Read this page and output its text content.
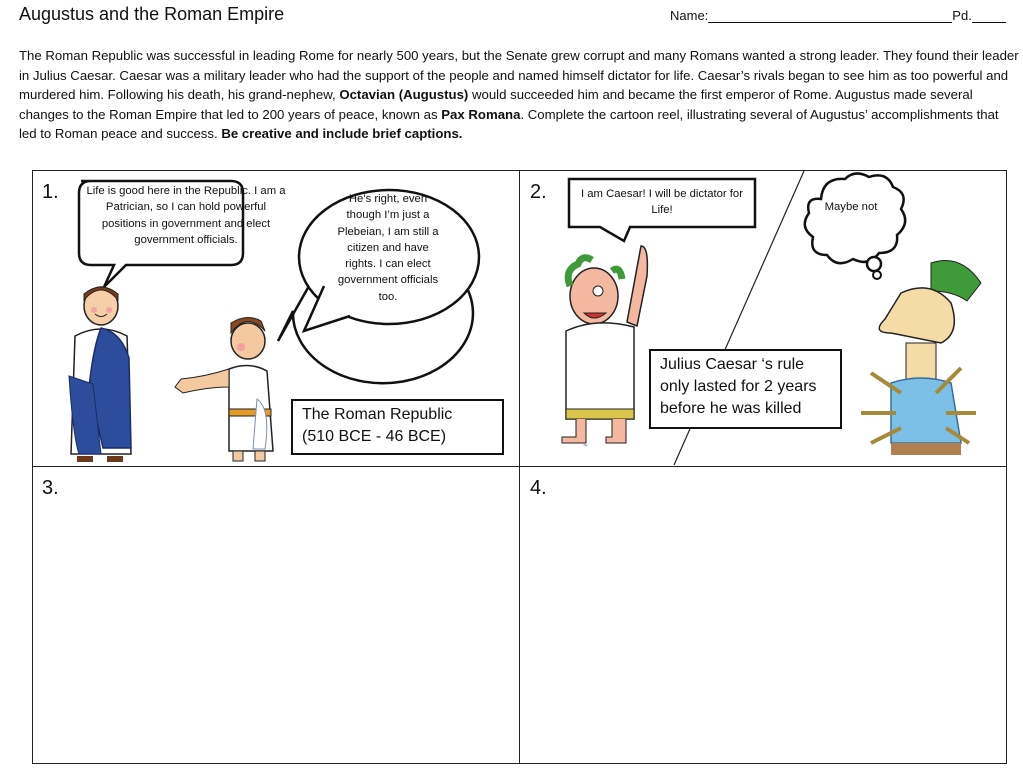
Augustus and the Roman Empire	Name:	Pd.
The Roman Republic was successful in leading Rome for nearly 500 years, but the Senate grew corrupt and many Romans wanted a strong leader. They found their leader in Julius Caesar. Caesar was a military leader who had the support of the people and named himself dictator for life. Caesar’s rivals began to see him as too powerful and murdered him. Following his death, his grand-nephew, Octavian (Augustus) would succeeded him and became the first emperor of Rome. Augustus made several changes to the Roman Empire that led to 200 years of peace, known as Pax Romana. Complete the cartoon reel, illustrating several of Augustus’ accomplishments that led to Roman peace and success. Be creative and include brief captions.
1. Life is good here in the Republic. I am a Patrician, so I can hold powerful positions in government and elect government officials.
He’s right, even though I’m just a Plebeian, I am still a citizen and have rights. I can elect government officials too.
The Roman Republic
(510 BCE - 46 BCE)
2.	I am Caesar! I will be dictator for Life!	Maybe not
~
Julius Caesar ‘s rule
only lasted for 2 years
before he was killed
3.	4.
